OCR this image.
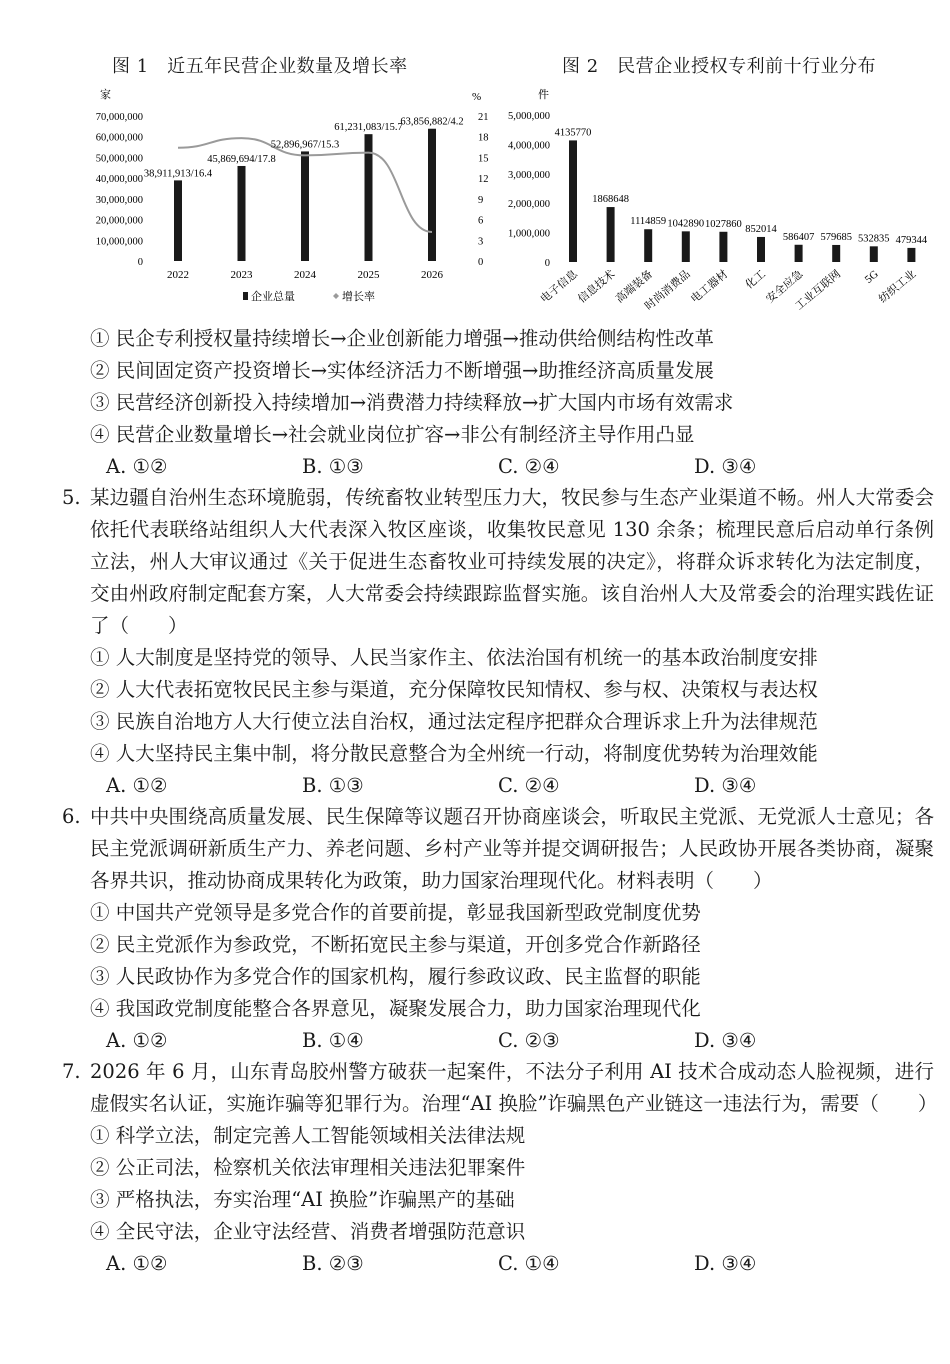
图 1　近五年民营企业数量及增长率	图 2　民营企业授权专利前十行业分布
家	%
0
10,000,000
20,000,000
30,000,000
40,000,000
50,000,000
60,000,000
70,000,000
0
3
6
9
12
15
18
21
38,911,913/16.4
45,869,694/17.8
52,896,967/15.3
61,231,083/15.7
63,856,882/4.2
2022	2023	2024	2025	2026
企业总量	增长率
件
0
1,000,000
2,000,000
3,000,000
4,000,000
5,000,000
4135770
1868648
1114859 1042890 1027860 852014
586407 579685 532835 479344
电子信息
信息技术
高端装备
时尚消费品
电工器材 化工
安全应急
工业互联网 5G
纺织工业
① 民企专利授权量持续增长→企业创新能力增强→推动供给侧结构性改革
② 民间固定资产投资增长→实体经济活力不断增强→助推经济高质量发展
③ 民营经济创新投入持续增加→消费潜力持续释放→扩大国内市场有效需求
④ 民营企业数量增长→社会就业岗位扩容→非公有制经济主导作用凸显
A. ①②	B. ①③	C. ②④	D. ③④
5. 某边疆自治州生态环境脆弱，传统畜牧业转型压力大，牧民参与生态产业渠道不畅。州人大常委会依托代表联络站组织人大代表深入牧区座谈，收集牧民意见 130 余条；梳理民意后启动单行条例立法，州人大审议通过《关于促进生态畜牧业可持续发展的决定》，将群众诉求转化为法定制度，交由州政府制定配套方案，人大常委会持续跟踪监督实施。该自治州人大及常委会的治理实践佐证了（　　）
① 人大制度是坚持党的领导、人民当家作主、依法治国有机统一的基本政治制度安排
② 人大代表拓宽牧民民主参与渠道，充分保障牧民知情权、参与权、决策权与表达权
③ 民族自治地方人大行使立法自治权，通过法定程序把群众合理诉求上升为法律规范
④ 人大坚持民主集中制，将分散民意整合为全州统一行动，将制度优势转为治理效能
A. ①②	B. ①③	C. ②④	D. ③④
6. 中共中央围绕高质量发展、民生保障等议题召开协商座谈会，听取民主党派、无党派人士意见；各民主党派调研新质生产力、养老问题、乡村产业等并提交调研报告；人民政协开展各类协商，凝聚各界共识，推动协商成果转化为政策，助力国家治理现代化。材料表明（　　）
① 中国共产党领导是多党合作的首要前提，彰显我国新型政党制度优势
② 民主党派作为参政党，不断拓宽民主参与渠道，开创多党合作新路径
③ 人民政协作为多党合作的国家机构，履行参政议政、民主监督的职能
④ 我国政党制度能整合各界意见，凝聚发展合力，助力国家治理现代化
A. ①②	B. ①④	C. ②③	D. ③④
7. 2026 年 6 月，山东青岛胶州警方破获一起案件，不法分子利用 AI 技术合成动态人脸视频，进行虚假实名认证，实施诈骗等犯罪行为。治理“AI 换脸”诈骗黑色产业链这一违法行为，需要（　　）
① 科学立法，制定完善人工智能领域相关法律法规
② 公正司法，检察机关依法审理相关违法犯罪案件
③ 严格执法，夯实治理“AI 换脸”诈骗黑产的基础
④ 全民守法，企业守法经营、消费者增强防范意识
A. ①②	B. ②③	C. ①④	D. ③④
